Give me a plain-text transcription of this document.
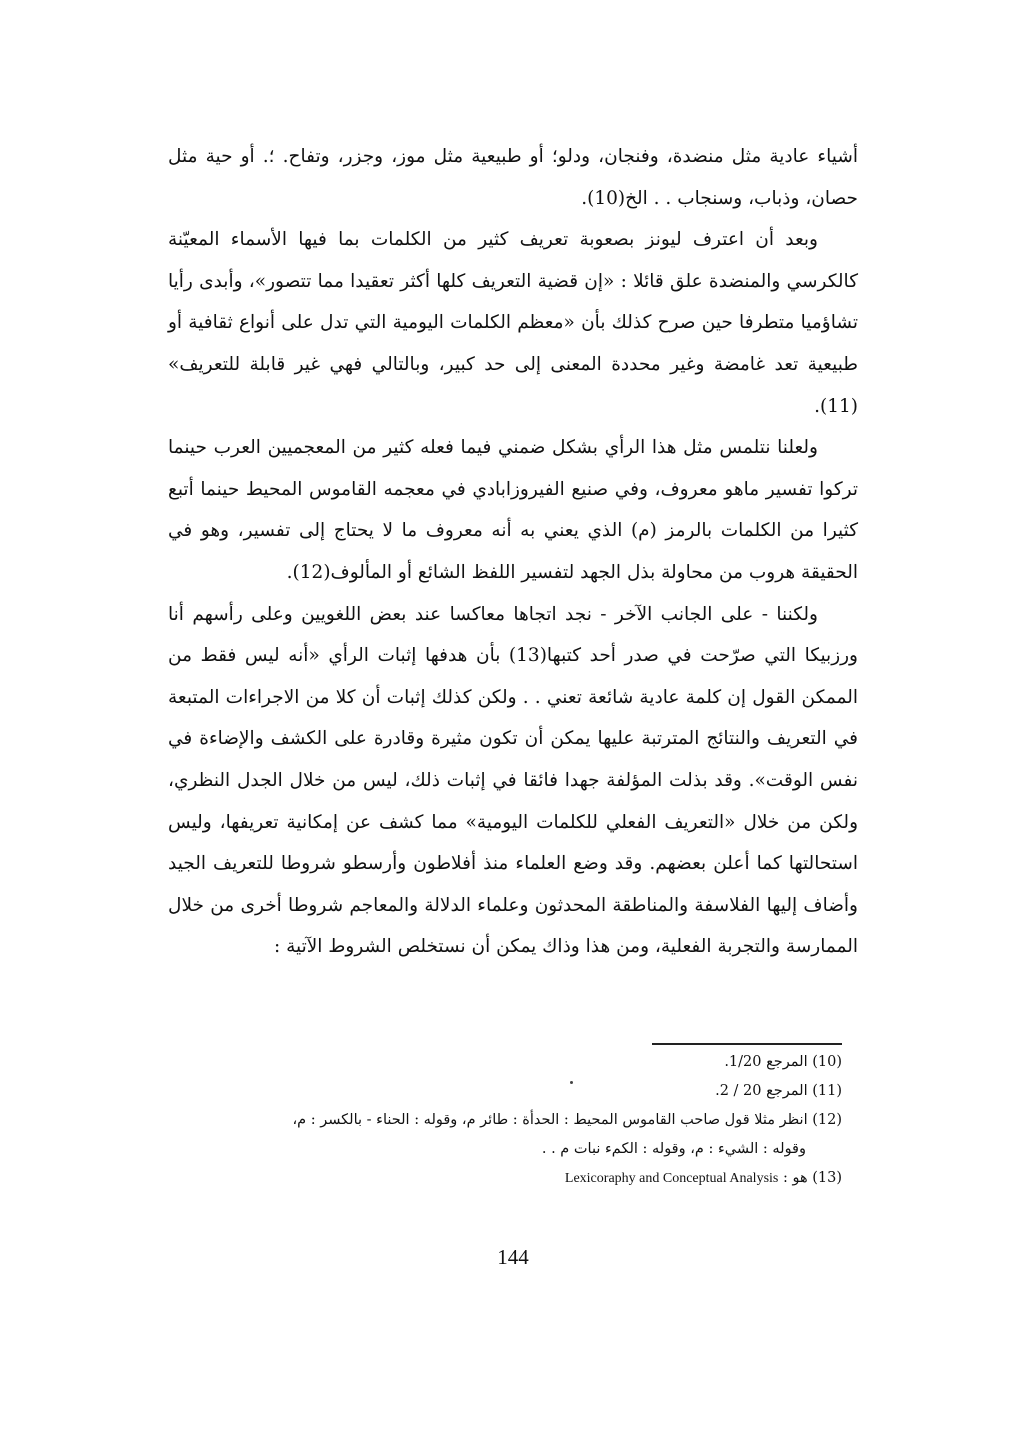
أشياء عادية مثل منضدة، وفنجان، ودلو؛ أو طبيعية مثل موز، وجزر، وتفاح. ؛. أو حية مثل حصان، وذباب، وسنجاب . . الخ(10).

وبعد أن اعترف ليونز بصعوبة تعريف كثير من الكلمات بما فيها الأسماء المعيّنة كالكرسي والمنضدة علق قائلا : «إن قضية التعريف كلها أكثر تعقيدا مما تتصور»، وأبدى رأيا تشاؤميا متطرفا حين صرح كذلك بأن «معظم الكلمات اليومية التي تدل على أنواع ثقافية أو طبيعية تعد غامضة وغير محددة المعنى إلى حد كبير، وبالتالي فهي غير قابلة للتعريف» (11).

ولعلنا نتلمس مثل هذا الرأي بشكل ضمني فيما فعله كثير من المعجميين العرب حينما تركوا تفسير ماهو معروف، وفي صنيع الفيروزابادي في معجمه القاموس المحيط حينما أتبع كثيرا من الكلمات بالرمز (م) الذي يعني به أنه معروف ما لا يحتاج إلى تفسير، وهو في الحقيقة هروب من محاولة بذل الجهد لتفسير اللفظ الشائع أو المألوف(12).

ولكننا - على الجانب الآخر - نجد اتجاها معاكسا عند بعض اللغويين وعلى رأسهم أنا ورزبيكا التي صرّحت في صدر أحد كتبها(13) بأن هدفها إثبات الرأي «أنه ليس فقط من الممكن القول إن كلمة عادية شائعة تعني . . ولكن كذلك إثبات أن كلا من الاجراءات المتبعة في التعريف والنتائج المترتبة عليها يمكن أن تكون مثيرة وقادرة على الكشف والإضاءة في نفس الوقت». وقد بذلت المؤلفة جهدا فائقا في إثبات ذلك، ليس من خلال الجدل النظري، ولكن من خلال «التعريف الفعلي للكلمات اليومية» مما كشف عن إمكانية تعريفها، وليس استحالتها كما أعلن بعضهم. وقد وضع العلماء منذ أفلاطون وأرسطو شروطا للتعريف الجيد وأضاف إليها الفلاسفة والمناطقة المحدثون وعلماء الدلالة والمعاجم شروطا أخرى من خلال الممارسة والتجربة الفعلية، ومن هذا وذاك يمكن أن نستخلص الشروط الآتية :

(10) المرجع 1/20.

(11) المرجع 20 / 2.

(12) انظر مثلا قول صاحب القاموس المحيط : الحدأة : طائر م، وقوله : الحناء - بالكسر : م،

وقوله : الشيء : م، وقوله : الكمء نبات م . .

(13) هو : Lexicoraphy and Conceptual Analysis

144
